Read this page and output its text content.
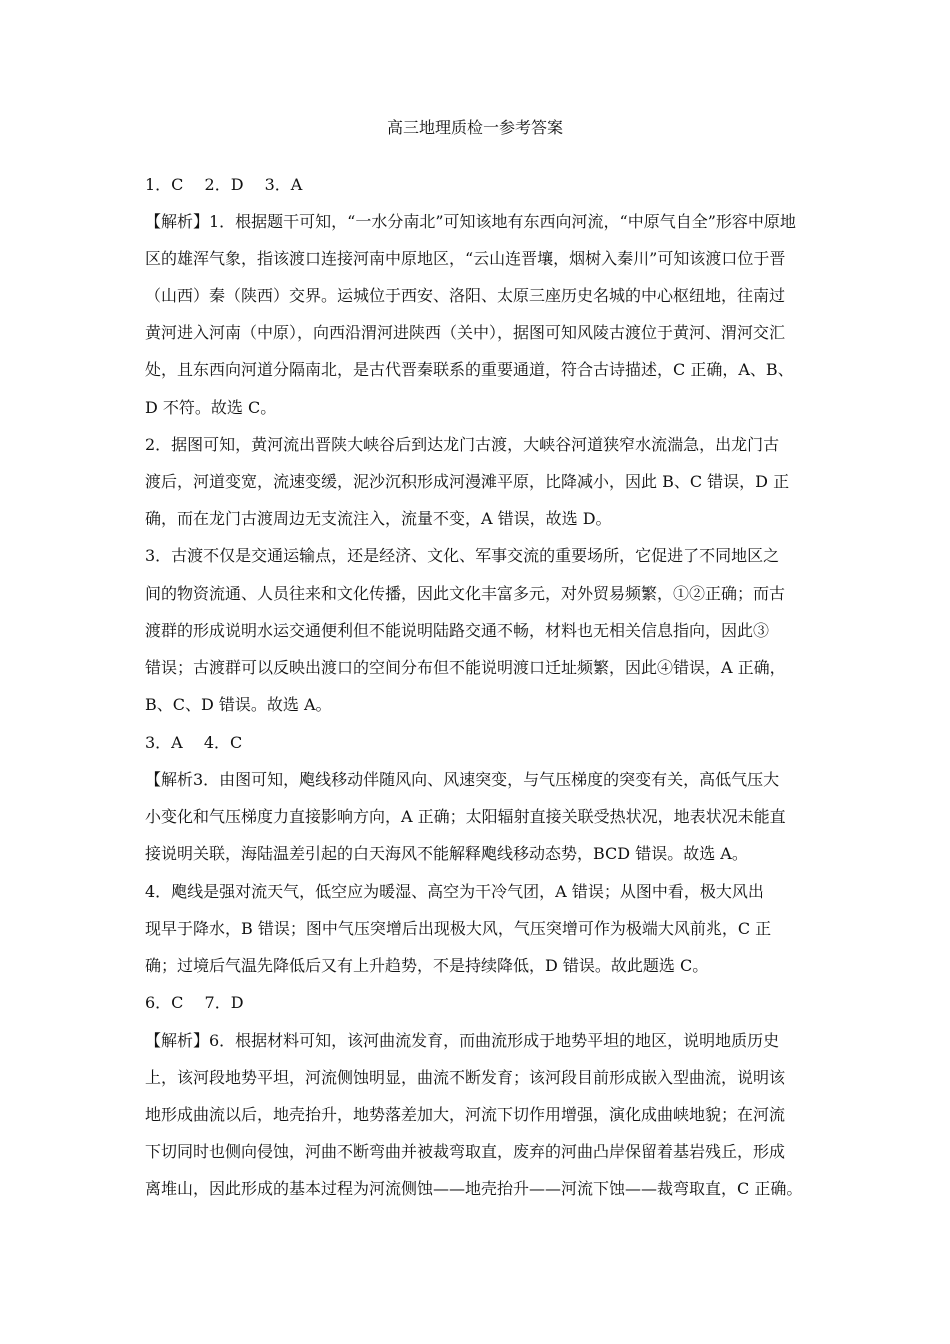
高三地理质检一参考答案
1．C　 2．D　 3．A
【解析】1．根据题干可知，“一水分南北”可知该地有东西向河流，“中原气自全”形容中原地
区的雄浑气象，指该渡口连接河南中原地区，“云山连晋壤，烟树入秦川”可知该渡口位于晋
（山西）秦（陕西）交界。运城位于西安、洛阳、太原三座历史名城的中心枢纽地，往南过
黄河进入河南（中原），向西沿渭河进陕西（关中），据图可知风陵古渡位于黄河、渭河交汇
处，且东西向河道分隔南北，是古代晋秦联系的重要通道，符合古诗描述，C 正确，A、B、
D 不符。故选 C。
2．据图可知，黄河流出晋陕大峡谷后到达龙门古渡，大峡谷河道狭窄水流湍急，出龙门古
渡后，河道变宽，流速变缓，泥沙沉积形成河漫滩平原，比降减小，因此 B、C 错误，D 正
确，而在龙门古渡周边无支流注入，流量不变，A 错误，故选 D。
3．古渡不仅是交通运输点，还是经济、文化、军事交流的重要场所，它促进了不同地区之
间的物资流通、人员往来和文化传播，因此文化丰富多元，对外贸易频繁，①②正确；而古
渡群的形成说明水运交通便利但不能说明陆路交通不畅，材料也无相关信息指向，因此③
错误；古渡群可以反映出渡口的空间分布但不能说明渡口迁址频繁，因此④错误，A 正确，
B、C、D 错误。故选 A。
3．A　 4．C
【解析3．由图可知，飑线移动伴随风向、风速突变，与气压梯度的突变有关，高低气压大
小变化和气压梯度力直接影响方向，A 正确；太阳辐射直接关联受热状况，地表状况未能直
接说明关联，海陆温差引起的白天海风不能解释飑线移动态势，BCD 错误。故选 A。
4．飑线是强对流天气，低空应为暖湿、高空为干冷气团，A 错误；从图中看，极大风出
现早于降水，B 错误；图中气压突增后出现极大风，气压突增可作为极端大风前兆，C 正
确；过境后气温先降低后又有上升趋势，不是持续降低，D 错误。故此题选 C。
6．C　 7．D
【解析】6．根据材料可知，该河曲流发育，而曲流形成于地势平坦的地区，说明地质历史
上，该河段地势平坦，河流侧蚀明显，曲流不断发育；该河段目前形成嵌入型曲流，说明该
地形成曲流以后，地壳抬升，地势落差加大，河流下切作用增强，演化成曲峡地貌；在河流
下切同时也侧向侵蚀，河曲不断弯曲并被裁弯取直，废弃的河曲凸岸保留着基岩残丘，形成
离堆山，因此形成的基本过程为河流侧蚀——地壳抬升——河流下蚀——裁弯取直，C 正确。
